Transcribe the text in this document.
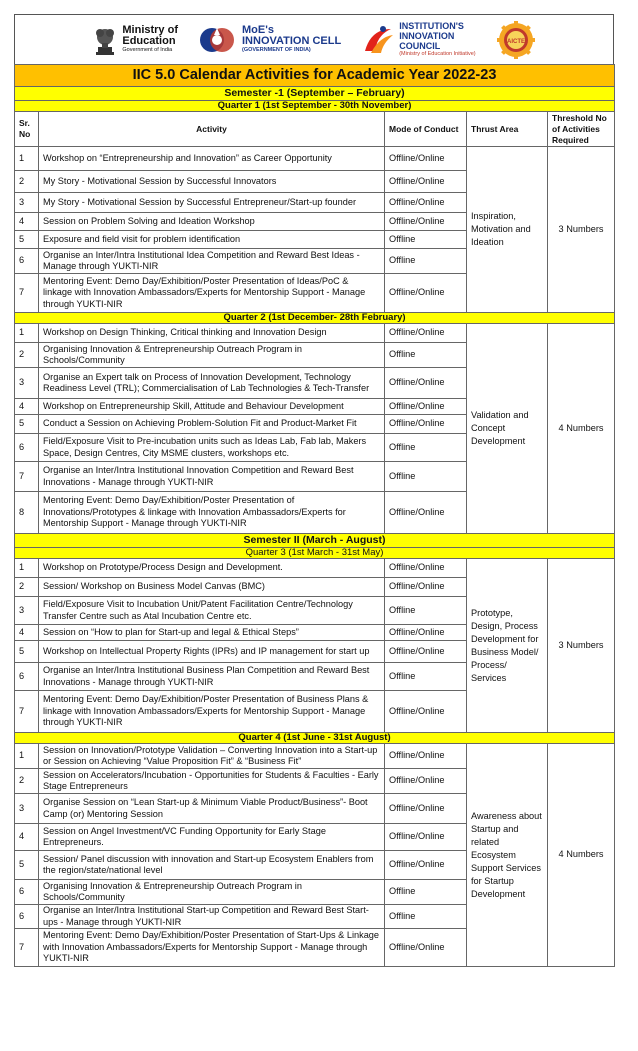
Ministry of
Education
Government of India
MoE's
INNOVATION CELL
(GOVERNMENT OF INDIA)
INSTITUTION'S
INNOVATION
COUNCIL
(Ministry of Education Initiative)
AICTE
IIC 5.0 Calendar Activities for Academic Year 2022-23				
Semester -1 (September – February)				
Quarter 1 (1st September - 30th November)				
Sr. No	Activity	Mode of Conduct	Thrust Area	Threshold No of Activities Required
1	Workshop on “Entrepreneurship and Innovation” as Career Opportunity	Offline/Online	Inspiration, Motivation and Ideation	3 Numbers
2	My Story - Motivational Session by Successful Innovators	Offline/Online		
3	My Story - Motivational Session by Successful Entrepreneur/Start-up founder	Offline/Online		
4	Session on Problem Solving and Ideation Workshop	Offline/Online		
5	Exposure and field visit for problem identification	Offline		
6	Organise an Inter/Intra Institutional Idea Competition and Reward Best Ideas - Manage through YUKTI-NIR	Offline		
7	Mentoring Event: Demo Day/Exhibition/Poster Presentation of Ideas/PoC & linkage with Innovation Ambassadors/Experts for Mentorship Support - Manage through YUKTI-NIR	Offline/Online		
Quarter 2 (1st December- 28th February)				
1	Workshop on Design Thinking, Critical thinking and Innovation Design	Offline/Online	Validation and Concept Development	4 Numbers
2	Organising Innovation & Entrepreneurship Outreach Program in Schools/Community	Offline		
3	Organise an Expert talk on Process of Innovation Development, Technology Readiness Level (TRL); Commercialisation of Lab Technologies & Tech-Transfer	Offline/Online		
4	Workshop on Entrepreneurship Skill, Attitude and Behaviour Development	Offline/Online		
5	Conduct a Session on Achieving Problem-Solution Fit and Product-Market Fit	Offline/Online		
6	Field/Exposure Visit to Pre-incubation units such as Ideas Lab, Fab lab, Makers Space, Design Centres, City MSME clusters, workshops etc.	Offline		
7	Organise an Inter/Intra Institutional Innovation Competition and Reward Best Innovations - Manage through YUKTI-NIR	Offline		
8	Mentoring Event: Demo Day/Exhibition/Poster Presentation of Innovations/Prototypes & linkage with Innovation Ambassadors/Experts for Mentorship Support - Manage through YUKTI-NIR	Offline/Online		
Semester II (March - August)				
Quarter 3 (1st March - 31st May)				
1	Workshop on Prototype/Process Design and Development.	Offline/Online	Prototype, Design, Process Development for Business Model/ Process/ Services	3 Numbers
2	Session/ Workshop on Business Model Canvas (BMC)	Offline/Online		
3	Field/Exposure Visit to Incubation Unit/Patent Facilitation Centre/Technology Transfer Centre such as Atal Incubation Centre etc.	Offline		
4	Session on “How to plan for Start-up and legal & Ethical Steps”	Offline/Online		
5	Workshop on Intellectual Property Rights (IPRs) and IP management for start up	Offline/Online		
6	Organise an Inter/Intra Institutional Business Plan Competition and Reward Best Innovations - Manage through YUKTI-NIR	Offline		
7	Mentoring Event: Demo Day/Exhibition/Poster Presentation of Business Plans & linkage with Innovation Ambassadors/Experts for Mentorship Support - Manage through YUKTI-NIR	Offline/Online		
Quarter 4 (1st June - 31st August)				
1	Session on Innovation/Prototype Validation – Converting Innovation into a Start-up or Session on Achieving “Value Proposition Fit” & “Business Fit”	Offline/Online	Awareness about Startup and related Ecosystem Support Services for Startup Development	4 Numbers
2	Session on Accelerators/Incubation - Opportunities for Students & Faculties - Early Stage Entrepreneurs	Offline/Online		
3	Organise Session on “Lean Start-up & Minimum Viable Product/Business”- Boot Camp (or) Mentoring Session	Offline/Online		
4	Session on Angel Investment/VC Funding Opportunity for Early Stage Entrepreneurs.	Offline/Online		
5	Session/ Panel discussion with innovation and Start-up Ecosystem Enablers from the region/state/national level	Offline/Online		
6	Organising Innovation & Entrepreneurship Outreach Program in Schools/Community	Offline		
6	Organise an Inter/Intra Institutional Start-up Competition and Reward Best Start-ups - Manage through YUKTI-NIR	Offline		
7	Mentoring Event: Demo Day/Exhibition/Poster Presentation of Start-Ups & Linkage with Innovation Ambassadors/Experts for Mentorship Support - Manage through YUKTI-NIR	Offline/Online		
